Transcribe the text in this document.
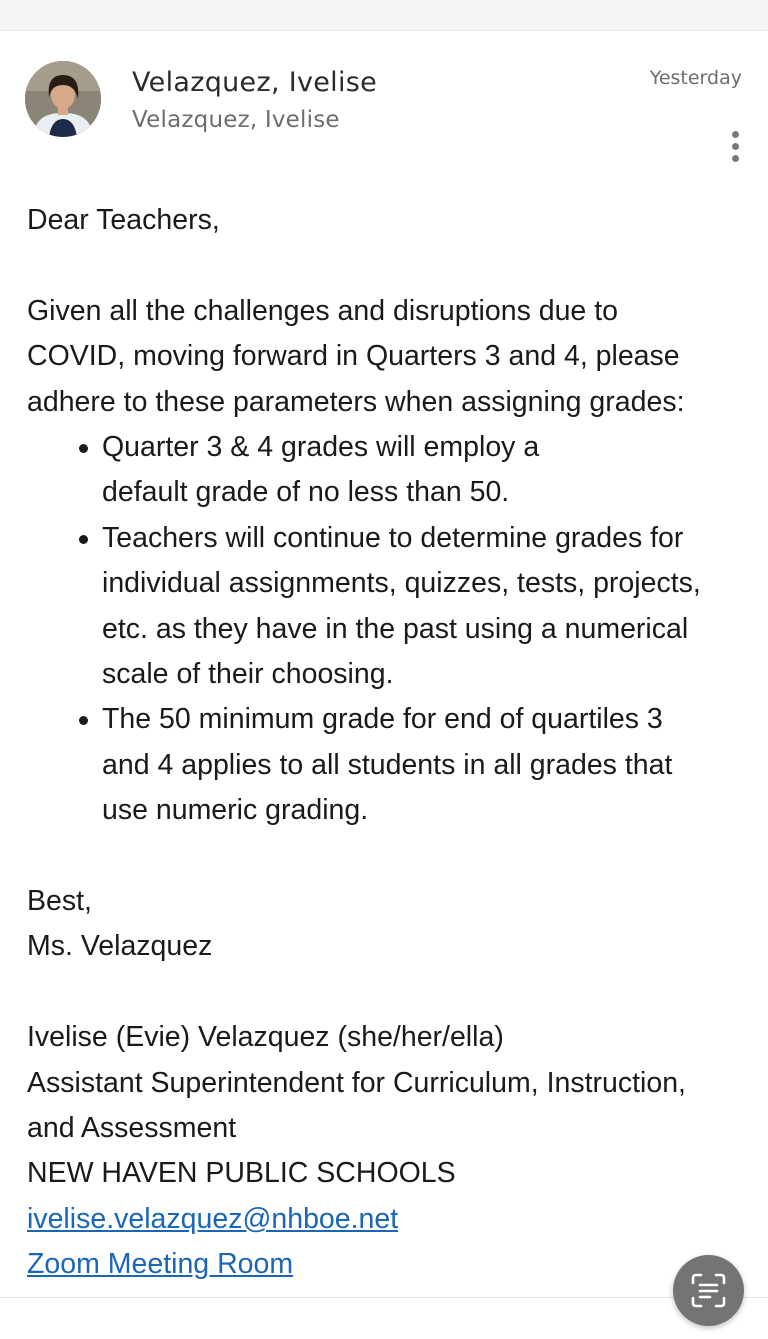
Velazquez, Ivelise
Velazquez, Ivelise
Yesterday

Dear Teachers,

Given all the challenges and disruptions due to

COVID, moving forward in Quarters 3 and 4, please

adhere to these parameters when assigning grades:

Quarter 3 & 4 grades will employ a
default grade of no less than 50.
Teachers will continue to determine grades for
individual assignments, quizzes, tests, projects,
etc. as they have in the past using a numerical
scale of their choosing.
The 50 minimum grade for end of quartiles 3
and 4 applies to all students in all grades that
use numeric grading.

Best,

Ms. Velazquez

Ivelise (Evie) Velazquez (she/her/ella)

Assistant Superintendent for Curriculum, Instruction,

and Assessment

NEW HAVEN PUBLIC SCHOOLS

ivelise.velazquez@nhboe.net

Zoom Meeting Room
